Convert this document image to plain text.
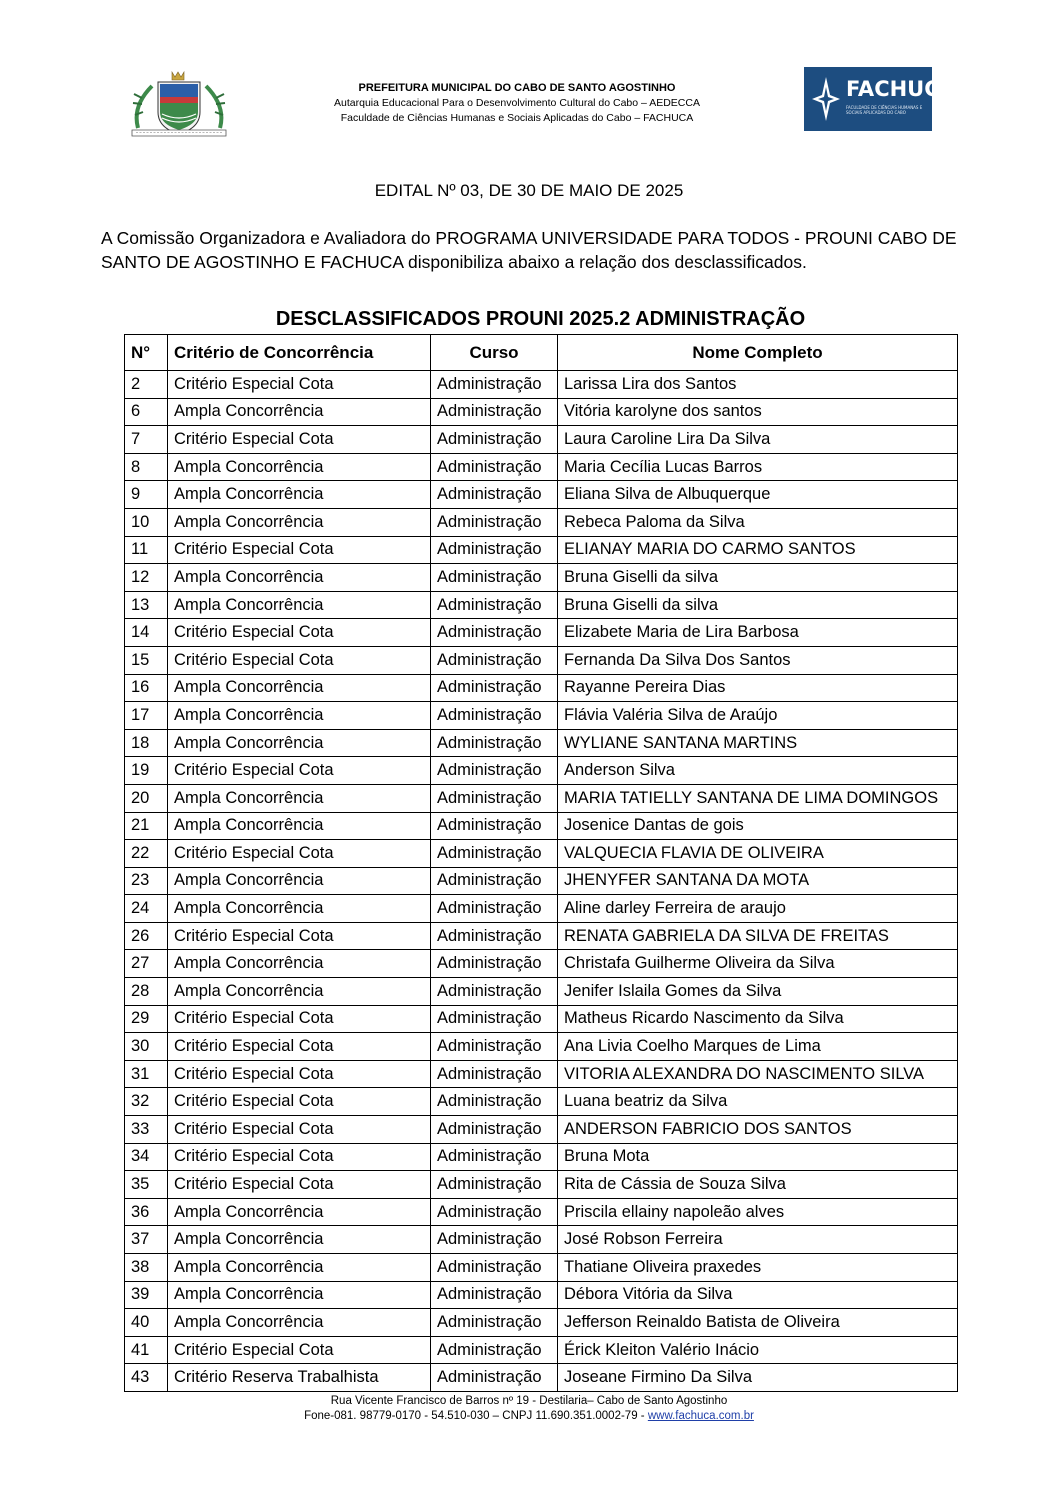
PREFEITURA MUNICIPAL DO CABO DE SANTO AGOSTINHO
Autarquia Educacional Para o Desenvolvimento Cultural do Cabo – AEDECCA
Faculdade de Ciências Humanas e Sociais Aplicadas do Cabo – FACHUCA
FACHUCA
FACULDADE DE CIÊNCIAS HUMANAS E SOCIAIS APLICADAS DO CABO
EDITAL Nº 03, DE 30 DE MAIO DE 2025
A Comissão Organizadora e Avaliadora do PROGRAMA UNIVERSIDADE PARA TODOS - PROUNI CABO DE SANTO DE AGOSTINHO E FACHUCA disponibiliza abaixo a relação dos desclassificados.
DESCLASSIFICADOS PROUNI 2025.2 ADMINISTRAÇÃO
N°	Critério de Concorrência	Curso	Nome Completo
2	Critério Especial Cota	Administração	Larissa Lira dos Santos
6	Ampla Concorrência	Administração	Vitória karolyne dos santos
7	Critério Especial Cota	Administração	Laura Caroline Lira Da Silva
8	Ampla Concorrência	Administração	Maria Cecília Lucas Barros
9	Ampla Concorrência	Administração	Eliana Silva de Albuquerque
10	Ampla Concorrência	Administração	Rebeca Paloma da Silva
11	Critério Especial Cota	Administração	ELIANAY MARIA DO CARMO SANTOS
12	Ampla Concorrência	Administração	Bruna Giselli da silva
13	Ampla Concorrência	Administração	Bruna Giselli da silva
14	Critério Especial Cota	Administração	Elizabete Maria de Lira Barbosa
15	Critério Especial Cota	Administração	Fernanda Da Silva Dos Santos
16	Ampla Concorrência	Administração	Rayanne Pereira Dias
17	Ampla Concorrência	Administração	Flávia Valéria Silva de Araújo
18	Ampla Concorrência	Administração	WYLIANE SANTANA MARTINS
19	Critério Especial Cota	Administração	Anderson Silva
20	Ampla Concorrência	Administração	MARIA TATIELLY SANTANA DE LIMA DOMINGOS
21	Ampla Concorrência	Administração	Josenice Dantas de gois
22	Critério Especial Cota	Administração	VALQUECIA FLAVIA DE OLIVEIRA
23	Ampla Concorrência	Administração	JHENYFER SANTANA DA MOTA
24	Ampla Concorrência	Administração	Aline darley Ferreira de araujo
26	Critério Especial Cota	Administração	RENATA GABRIELA DA SILVA DE FREITAS
27	Ampla Concorrência	Administração	Christafa Guilherme Oliveira da Silva
28	Ampla Concorrência	Administração	Jenifer Islaila Gomes da Silva
29	Critério Especial Cota	Administração	Matheus Ricardo Nascimento da Silva
30	Critério Especial Cota	Administração	Ana Livia Coelho Marques de Lima
31	Critério Especial Cota	Administração	VITORIA ALEXANDRA DO NASCIMENTO SILVA
32	Critério Especial Cota	Administração	Luana beatriz da Silva
33	Critério Especial Cota	Administração	ANDERSON FABRICIO DOS SANTOS
34	Critério Especial Cota	Administração	Bruna Mota
35	Critério Especial Cota	Administração	Rita de Cássia de Souza Silva
36	Ampla Concorrência	Administração	Priscila ellainy napoleão alves
37	Ampla Concorrência	Administração	José Robson Ferreira
38	Ampla Concorrência	Administração	Thatiane Oliveira praxedes
39	Ampla Concorrência	Administração	Débora Vitória da Silva
40	Ampla Concorrência	Administração	Jefferson Reinaldo Batista de Oliveira
41	Critério Especial Cota	Administração	Érick Kleiton Valério Inácio
43	Critério Reserva Trabalhista	Administração	Joseane Firmino Da Silva
Rua Vicente Francisco de Barros nº 19 - Destilaria– Cabo de Santo Agostinho
Fone-081. 98779-0170 - 54.510-030 – CNPJ 11.690.351.0002-79 - www.fachuca.com.br
